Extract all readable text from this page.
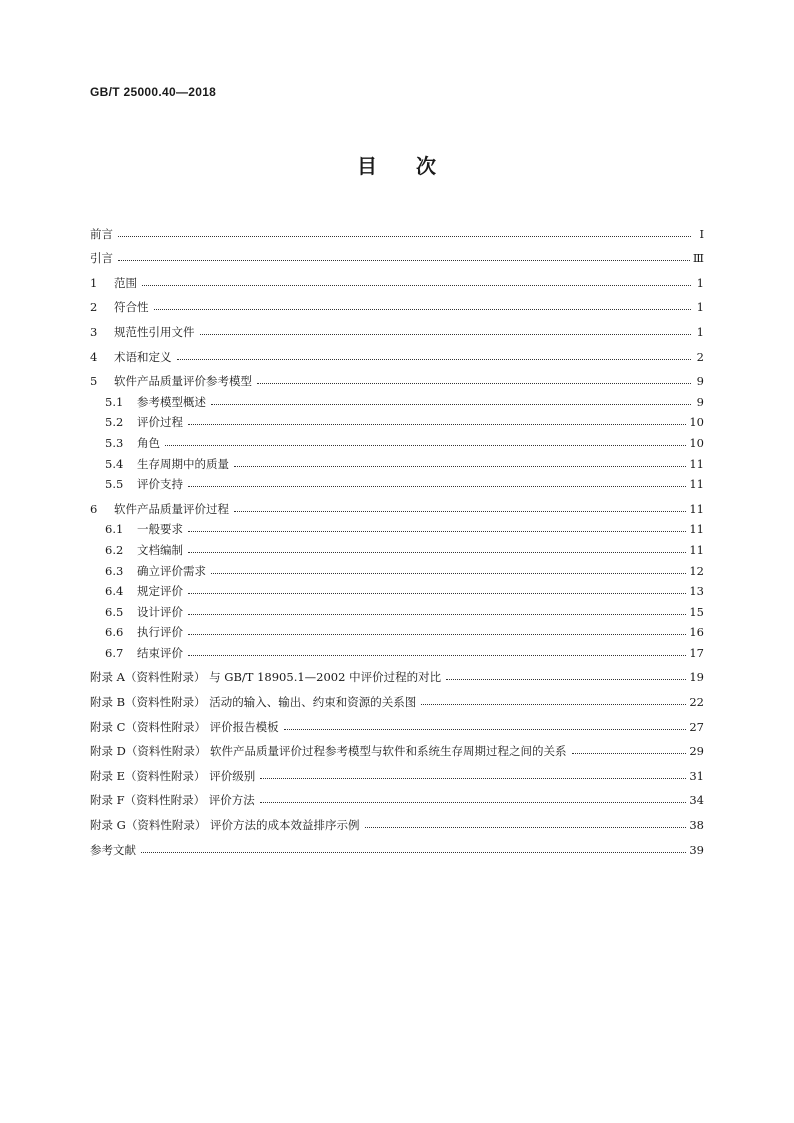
GB/T 25000.40—2018
目 次
前言	Ⅰ
引言	Ⅲ
1	范围	1
2	符合性	1
3	规范性引用文件	1
4	术语和定义	2
5	软件产品质量评价参考模型	9
5.1	参考模型概述	9
5.2	评价过程	10
5.3	角色	10
5.4	生存周期中的质量	11
5.5	评价支持	11
6	软件产品质量评价过程	11
6.1	一般要求	11
6.2	文档编制	11
6.3	确立评价需求	12
6.4	规定评价	13
6.5	设计评价	15
6.6	执行评价	16
6.7	结束评价	17
附录 A（资料性附录） 与 GB/T 18905.1—2002 中评价过程的对比	19
附录 B（资料性附录） 活动的输入、输出、约束和资源的关系图	22
附录 C（资料性附录） 评价报告模板	27
附录 D（资料性附录） 软件产品质量评价过程参考模型与软件和系统生存周期过程之间的关系	29
附录 E（资料性附录） 评价级别	31
附录 F（资料性附录） 评价方法	34
附录 G（资料性附录） 评价方法的成本效益排序示例	38
参考文献	39
